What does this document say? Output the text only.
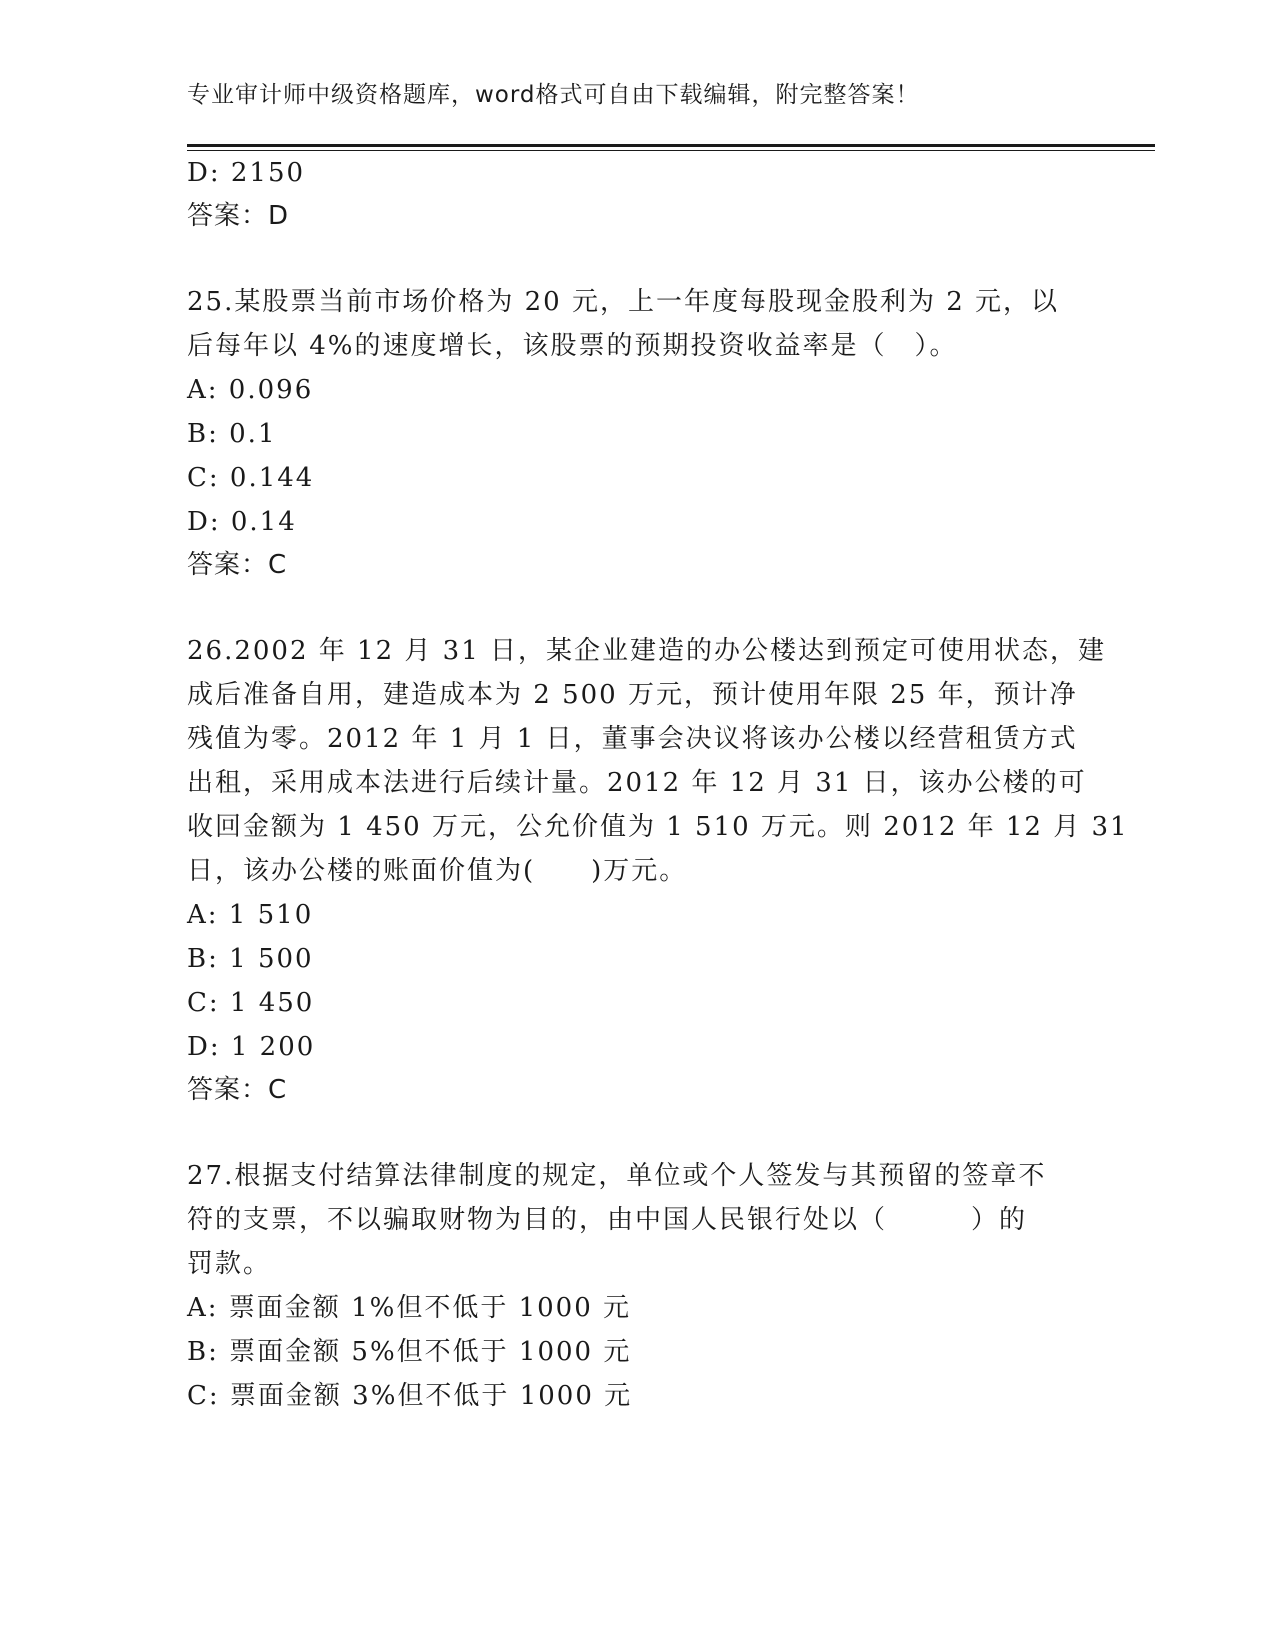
专业审计师中级资格题库，word格式可自由下载编辑，附完整答案！
D: 2150
答案：D
25.某股票当前市场价格为 20 元，上一年度每股现金股利为 2 元，以
后每年以 4%的速度增长，该股票的预期投资收益率是（　）。
A: 0.096
B: 0.1
C: 0.144
D: 0.14
答案：C
26.2002 年 12 月 31 日，某企业建造的办公楼达到预定可使用状态，建
成后准备自用，建造成本为 2 500 万元，预计使用年限 25 年，预计净
残值为零。2012 年 1 月 1 日，董事会决议将该办公楼以经营租赁方式
出租，采用成本法进行后续计量。2012 年 12 月 31 日，该办公楼的可
收回金额为 1 450 万元，公允价值为 1 510 万元。则 2012 年 12 月 31
日，该办公楼的账面价值为(　　)万元。
A: 1 510
B: 1 500
C: 1 450
D: 1 200
答案：C
27.根据支付结算法律制度的规定，单位或个人签发与其预留的签章不
符的支票，不以骗取财物为目的，由中国人民银行处以（　　　）的
罚款。
A: 票面金额 1%但不低于 1000 元
B: 票面金额 5%但不低于 1000 元
C: 票面金额 3%但不低于 1000 元
